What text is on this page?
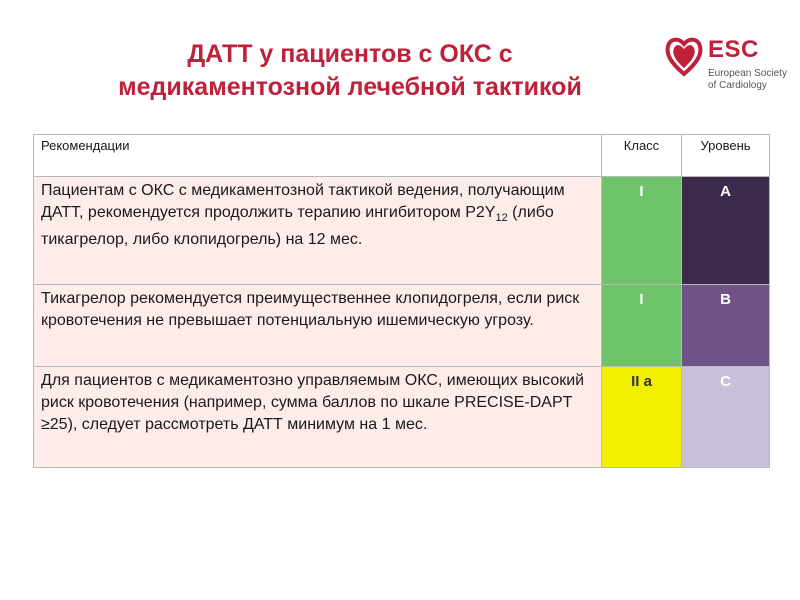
ДАТТ у пациентов с ОКС с
медикаментозной лечебной тактикой
ESC
European Society
of Cardiology
Рекомендации	Класс	Уровень
Пациентам с ОКС с медикаментозной тактикой ведения, получающим ДАТТ, рекомендуется продолжить терапию ингибитором $P2Y_{12}$ (либо тикагрелор, либо клопидогрель) на 12 мес.	I	A
Тикагрелор рекомендуется преимущественнее клопидогреля, если риск кровотечения не превышает потенциальную ишемическую угрозу.	I	B
Для пациентов с медикаментозно управляемым ОКС, имеющих высокий риск кровотечения (например, сумма баллов по шкале PRECISE-DAPT ≥25), следует рассмотреть ДАТТ минимум на 1 мес.	II a	C
